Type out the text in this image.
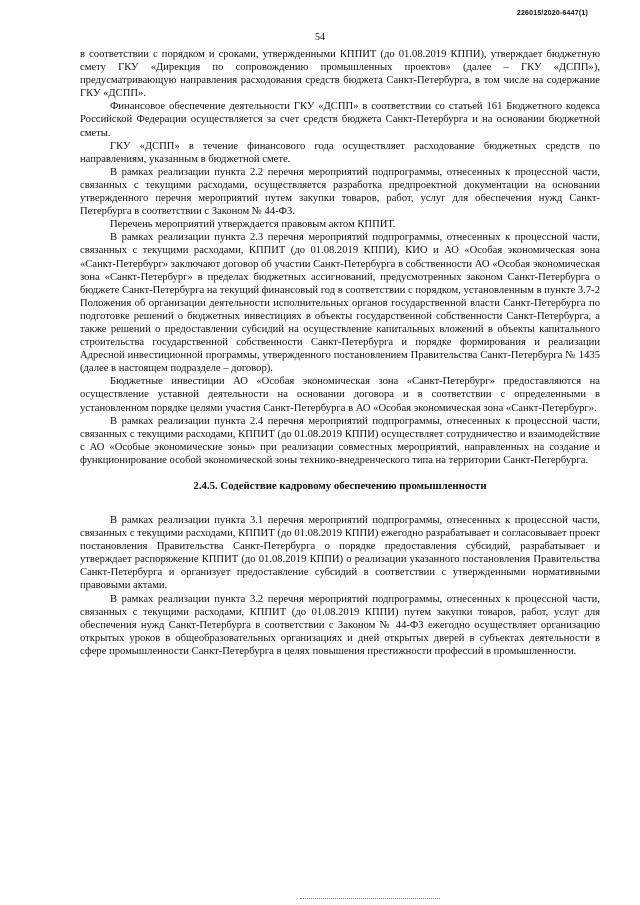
226015/2020-6447(1)
54

в соответствии с порядком и сроками, утвержденными КППИТ (до 01.08.2019 КППИ), утверждает бюджетную смету ГКУ «Дирекция по сопровождению промышленных проектов» (далее – ГКУ «ДСПП»), предусматривающую направления расходования средств бюджета Санкт-Петербурга, в том числе на содержание ГКУ «ДСПП».

Финансовое обеспечение деятельности ГКУ «ДСПП» в соответствии со статьей 161 Бюджетного кодекса Российской Федерации осуществляется за счет средств бюджета Санкт-Петербурга и на основании бюджетной сметы.

ГКУ «ДСПП» в течение финансового года осуществляет расходование бюджетных средств по направлениям, указанным в бюджетной смете.

В рамках реализации пункта 2.2 перечня мероприятий подпрограммы, отнесенных к процессной части, связанных с текущими расходами, осуществляется разработка предпроектной документации на основании утвержденного перечня мероприятий путем закупки товаров, работ, услуг для обеспечения нужд Санкт-Петербурга в соответствии с Законом № 44-ФЗ.

Перечень мероприятий утверждается правовым актом КППИТ.

В рамках реализации пункта 2.3 перечня мероприятий подпрограммы, отнесенных к процессной части, связанных с текущими расходами, КППИТ (до 01.08.2019 КППИ), КИО и АО «Особая экономическая зона «Санкт-Петербург» заключают договор об участии Санкт-Петербурга в собственности АО «Особая экономическая зона «Санкт-Петербург» в пределах бюджетных ассигнований, предусмотренных законом Санкт-Петербурга о бюджете Санкт-Петербурга на текущий финансовый год в соответствии с порядком, установленным в пункте 3.7-2 Положения об организации деятельности исполнительных органов государственной власти Санкт-Петербурга по подготовке решений о бюджетных инвестициях в объекты государственной собственности Санкт-Петербурга, а также решений о предоставлении субсидий на осуществление капитальных вложений в объекты капитального строительства государственной собственности Санкт-Петербурга и порядке формирования и реализации Адресной инвестиционной программы, утвержденного постановлением Правительства Санкт-Петербурга № 1435 (далее в настоящем подразделе – договор).

Бюджетные инвестиции АО «Особая экономическая зона «Санкт-Петербург» предоставляются на осуществление уставной деятельности на основании договора и в соответствии с определенными в установленном порядке целями участия Санкт-Петербурга в АО «Особая экономическая зона «Санкт-Петербург».

В рамках реализации пункта 2.4 перечня мероприятий подпрограммы, отнесенных к процессной части, связанных с текущими расходами, КППИТ (до 01.08.2019 КППИ) осуществляет сотрудничество и взаимодействие с АО «Особые экономические зоны» при реализации совместных мероприятий, направленных на создание и функционирование особой экономической зоны технико-внедренческого типа на территории Санкт-Петербурга.

2.4.5. Содействие кадровому обеспечению промышленности

В рамках реализации пункта 3.1 перечня мероприятий подпрограммы, отнесенных к процессной части, связанных с текущими расходами, КППИТ (до 01.08.2019 КППИ) ежегодно разрабатывает и согласовывает проект постановления Правительства Санкт-Петербурга о порядке предоставления субсидий, разрабатывает и утверждает распоряжение КППИТ (до 01.08.2019 КППИ) о реализации указанного постановления Правительства Санкт-Петербурга и организует предоставление субсидий в соответствии с утвержденными нормативными правовыми актами.

В рамках реализации пункта 3.2 перечня мероприятий подпрограммы, отнесенных к процессной части, связанных с текущими расходами, КППИТ (до 01.08.2019 КППИ) путем закупки товаров, работ, услуг для обеспечения нужд Санкт-Петербурга в соответствии с Законом № 44-ФЗ ежегодно осуществляет организацию открытых уроков в общеобразовательных организациях и дней открытых дверей в субъектах деятельности в сфере промышленности Санкт-Петербурга в целях повышения престижности профессий в промышленности.
